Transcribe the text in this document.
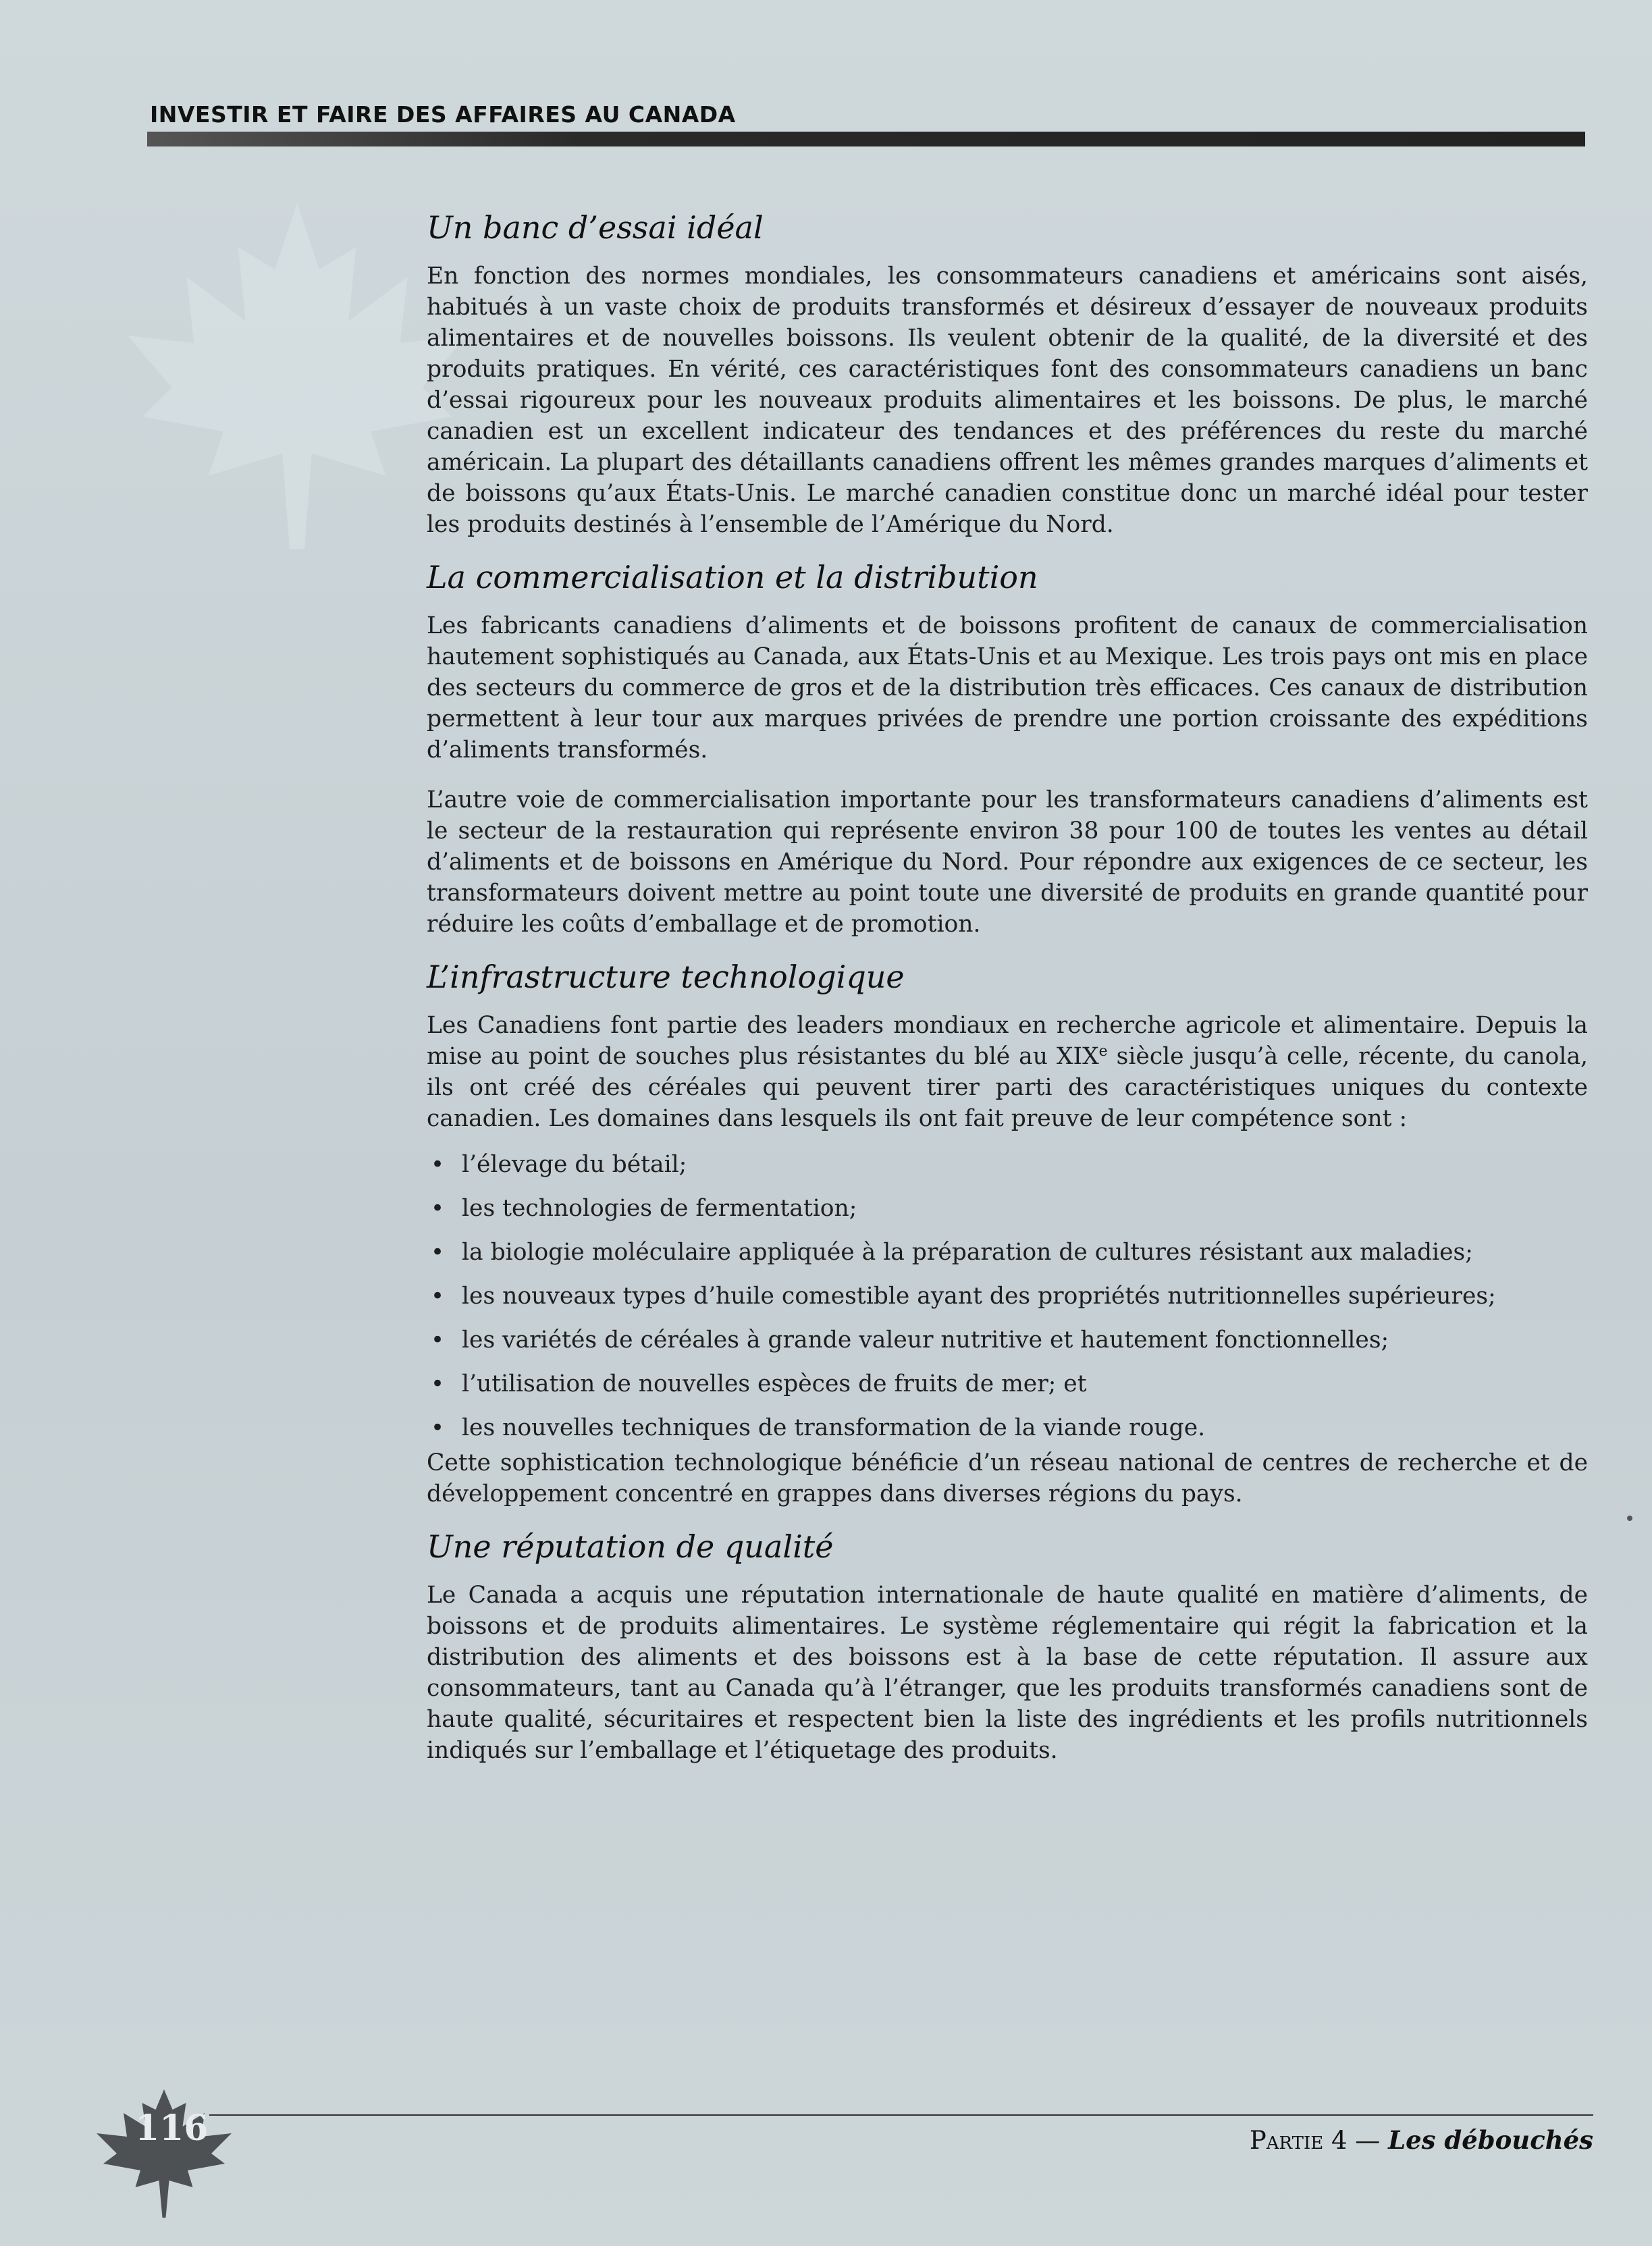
INVESTIR ET FAIRE DES AFFAIRES AU CANADA
Un banc d’essai idéal

En fonction des normes mondiales, les consommateurs canadiens et américains sont aisés, habitués à un vaste choix de produits transformés et désireux d’essayer de nouveaux produits alimentaires et de nouvelles boissons. Ils veulent obtenir de la qualité, de la diversité et des produits pratiques. En vérité, ces caractéristiques font des consommateurs canadiens un banc d’essai rigoureux pour les nouveaux produits alimentaires et les boissons. De plus, le marché canadien est un excellent indicateur des tendances et des préférences du reste du marché américain. La plupart des détaillants canadiens offrent les mêmes grandes marques d’aliments et de boissons qu’aux États-Unis. Le marché canadien constitue donc un marché idéal pour tester les produits destinés à l’ensemble de l’Amérique du Nord.

La commercialisation et la distribution

Les fabricants canadiens d’aliments et de boissons profitent de canaux de commercialisation hautement sophistiqués au Canada, aux États-Unis et au Mexique. Les trois pays ont mis en place des secteurs du commerce de gros et de la distribution très efficaces. Ces canaux de distribution permettent à leur tour aux marques privées de prendre une portion croissante des expéditions d’aliments transformés.

L’autre voie de commercialisation importante pour les transformateurs canadiens d’aliments est le secteur de la restauration qui représente environ 38 pour 100 de toutes les ventes au détail d’aliments et de boissons en Amérique du Nord. Pour répondre aux exigences de ce secteur, les transformateurs doivent mettre au point toute une diversité de produits en grande quantité pour réduire les coûts d’emballage et de promotion.

L’infrastructure technologique

Les Canadiens font partie des leaders mondiaux en recherche agricole et alimentaire. Depuis la mise au point de souches plus résistantes du blé au XIXe siècle jusqu’à celle, récente, du canola, ils ont créé des céréales qui peuvent tirer parti des caractéristiques uniques du contexte canadien. Les domaines dans lesquels ils ont fait preuve de leur compétence sont :

• l’élevage du bétail;
• les technologies de fermentation;
• la biologie moléculaire appliquée à la préparation de cultures résistant aux maladies;
• les nouveaux types d’huile comestible ayant des propriétés nutritionnelles supérieures;
• les variétés de céréales à grande valeur nutritive et hautement fonctionnelles;
• l’utilisation de nouvelles espèces de fruits de mer; et
• les nouvelles techniques de transformation de la viande rouge.

Cette sophistication technologique bénéficie d’un réseau national de centres de recherche et de développement concentré en grappes dans diverses régions du pays.

Une réputation de qualité

Le Canada a acquis une réputation internationale de haute qualité en matière d’aliments, de boissons et de produits alimentaires. Le système réglementaire qui régit la fabrication et la distribution des aliments et des boissons est à la base de cette réputation. Il assure aux consommateurs, tant au Canada qu’à l’étranger, que les produits transformés canadiens sont de haute qualité, sécuritaires et respectent bien la liste des ingrédients et les profils nutritionnels indiqués sur l’emballage et l’étiquetage des produits.

116	Partie 4 — Les débouchés
